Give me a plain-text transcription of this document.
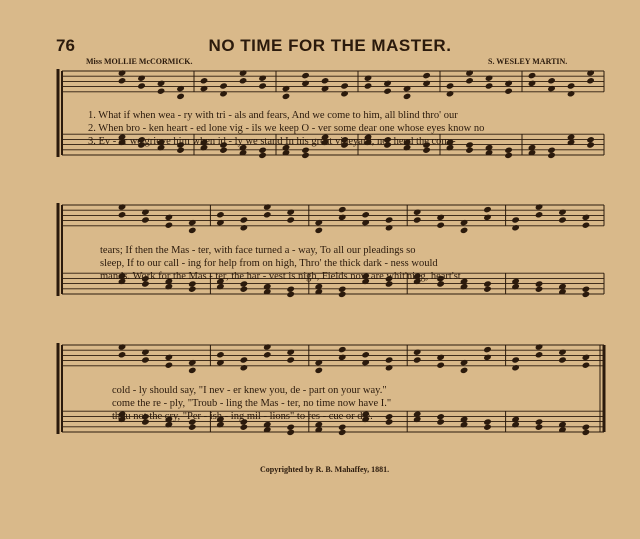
76	NO TIME FOR THE MASTER.
Miss MOLLIE McCORMICK.	S. WESLEY MARTIN.
1. What if when wea - ry with tri - als and fears, And we come to him, all blind thro' our
2. When bro - ken heart - ed lone vig - ils we keep O - ver some dear one whose eyes know no
3. Ev - er we grieve him when id - ly we stand In his great vineyard, nor heed the com -
tears; If then the Mas - ter, with face turned a - way, To all our pleadings so
sleep, If to our call - ing for help from on high, Thro' the thick dark - ness would
mands. Work for the Mas - ter, the har - vest is nigh, Fields now are whit'ning, heart'st
cold - ly should say, "I nev - er knew you, de - part on your way."
come the re - ply, "Troub - ling the Mas - ter, no time now have I."
thou not the cry, "Per - ish - ing mil - lions" to res - cue or die.
Copyrighted by R. B. Mahaffey, 1881.
